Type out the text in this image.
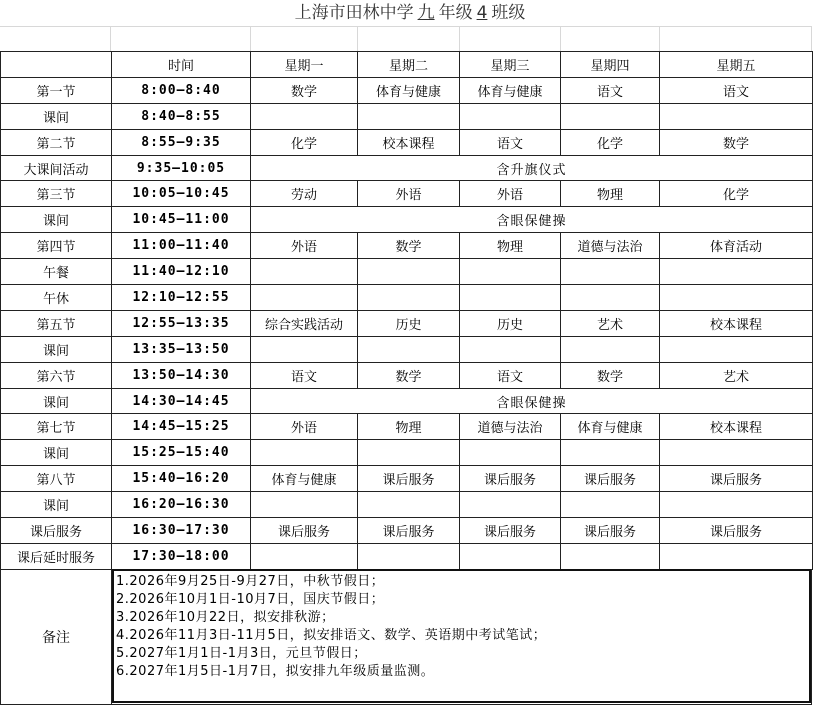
上海市田林中学 九 年级 4 班级
	时间	星期一	星期二	星期三	星期四	星期五
第一节	8:00—8:40	数学	体育与健康	体育与健康	语文	语文
课间	8:40—8:55					
第二节	8:55—9:35	化学	校本课程	语文	化学	数学
大课间活动	9:35—10:05	含升旗仪式				
第三节	10:05—10:45	劳动	外语	外语	物理	化学
课间	10:45—11:00	含眼保健操				
第四节	11:00—11:40	外语	数学	物理	道德与法治	体育活动
午餐	11:40—12:10					
午休	12:10—12:55					
第五节	12:55—13:35	综合实践活动	历史	历史	艺术	校本课程
课间	13:35—13:50					
第六节	13:50—14:30	语文	数学	语文	数学	艺术
课间	14:30—14:45	含眼保健操				
第七节	14:45—15:25	外语	物理	道德与法治	体育与健康	校本课程
课间	15:25—15:40					
第八节	15:40—16:20	体育与健康	课后服务	课后服务	课后服务	课后服务
课间	16:20—16:30					
课后服务	16:30—17:30	课后服务	课后服务	课后服务	课后服务	课后服务
课后延时服务	17:30—18:00					
备注
1.2026年9月25日-9月27日，中秋节假日；
2.2026年10月1日-10月7日，国庆节假日；
3.2026年10月22日，拟安排秋游；
4.2026年11月3日-11月5日，拟安排语文、数学、英语期中考试笔试；
5.2027年1月1日-1月3日，元旦节假日；
6.2027年1月5日-1月7日，拟安排九年级质量监测。
